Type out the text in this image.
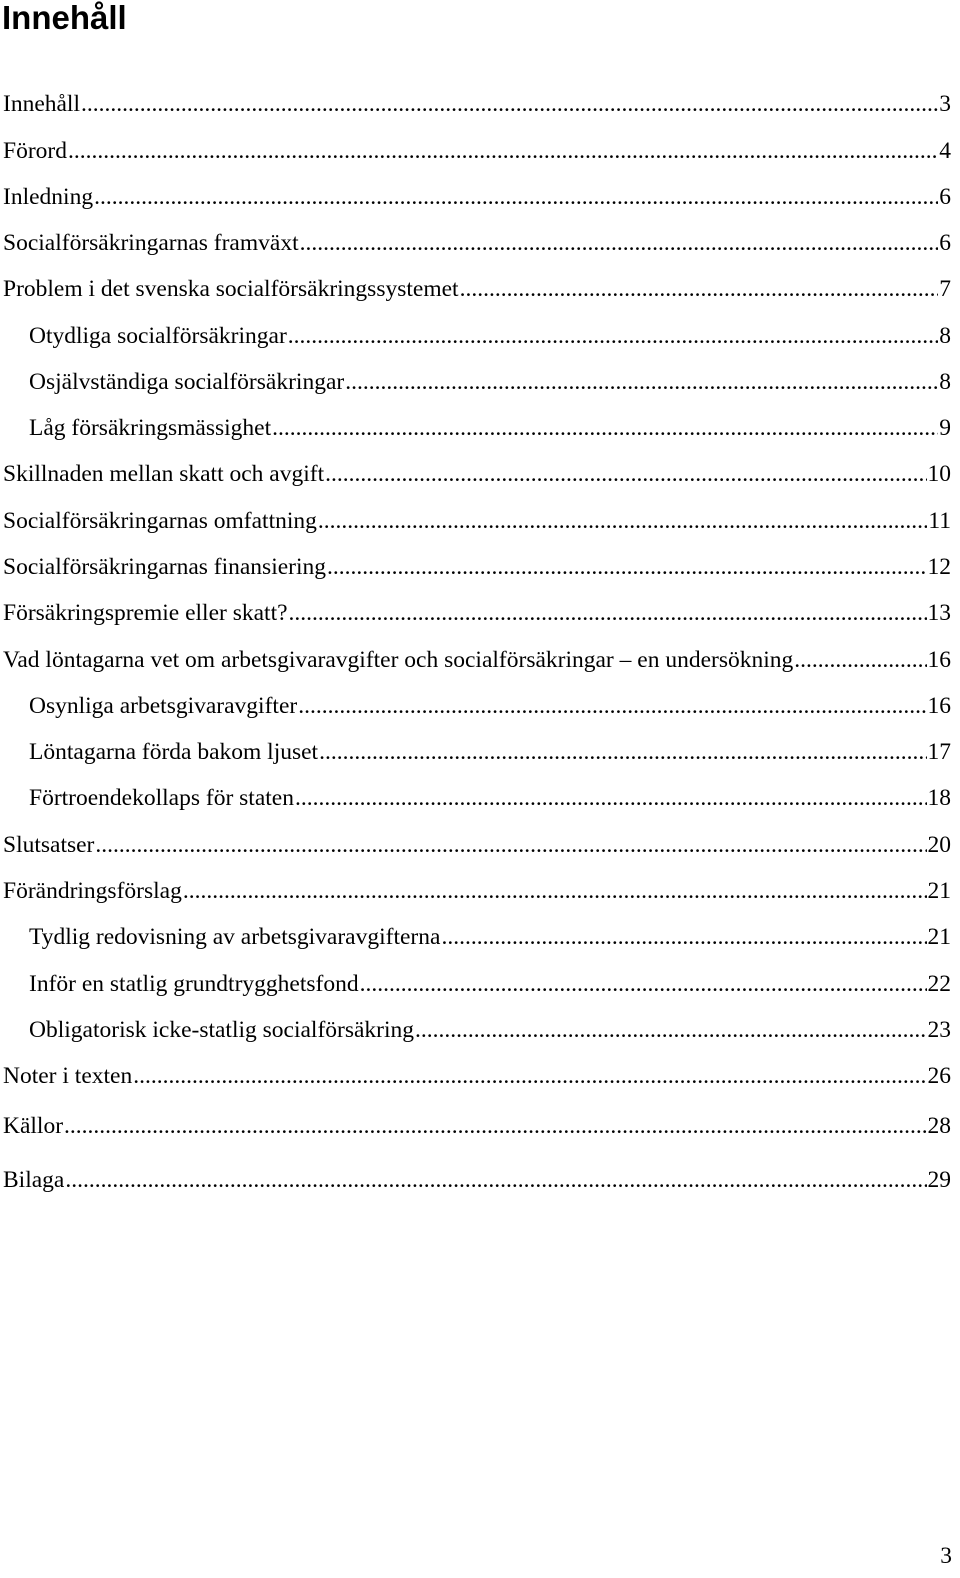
Innehåll
Innehåll .....	3
Förord .....	4
Inledning .....	6
Socialförsäkringarnas framväxt .....	6
Problem i det svenska socialförsäkringssystemet .....	7
Otydliga socialförsäkringar .....	8
Osjälvständiga socialförsäkringar .....	8
Låg försäkringsmässighet .....	9
Skillnaden mellan skatt och avgift .....	10
Socialförsäkringarnas omfattning .....	11
Socialförsäkringarnas finansiering .....	12
Försäkringspremie eller skatt? .....	13
Vad löntagarna vet om arbetsgivaravgifter och socialförsäkringar – en undersökning .....	16
Osynliga arbetsgivaravgifter .....	16
Löntagarna förda bakom ljuset .....	17
Förtroendekollaps för staten .....	18
Slutsatser .....	20
Förändringsförslag .....	21
Tydlig redovisning av arbetsgivaravgifterna .....	21
Inför en statlig grundtrygghetsfond .....	22
Obligatorisk icke-statlig socialförsäkring .....	23
Noter i texten .....	26
Källor .....	28
Bilaga .....	29
3
